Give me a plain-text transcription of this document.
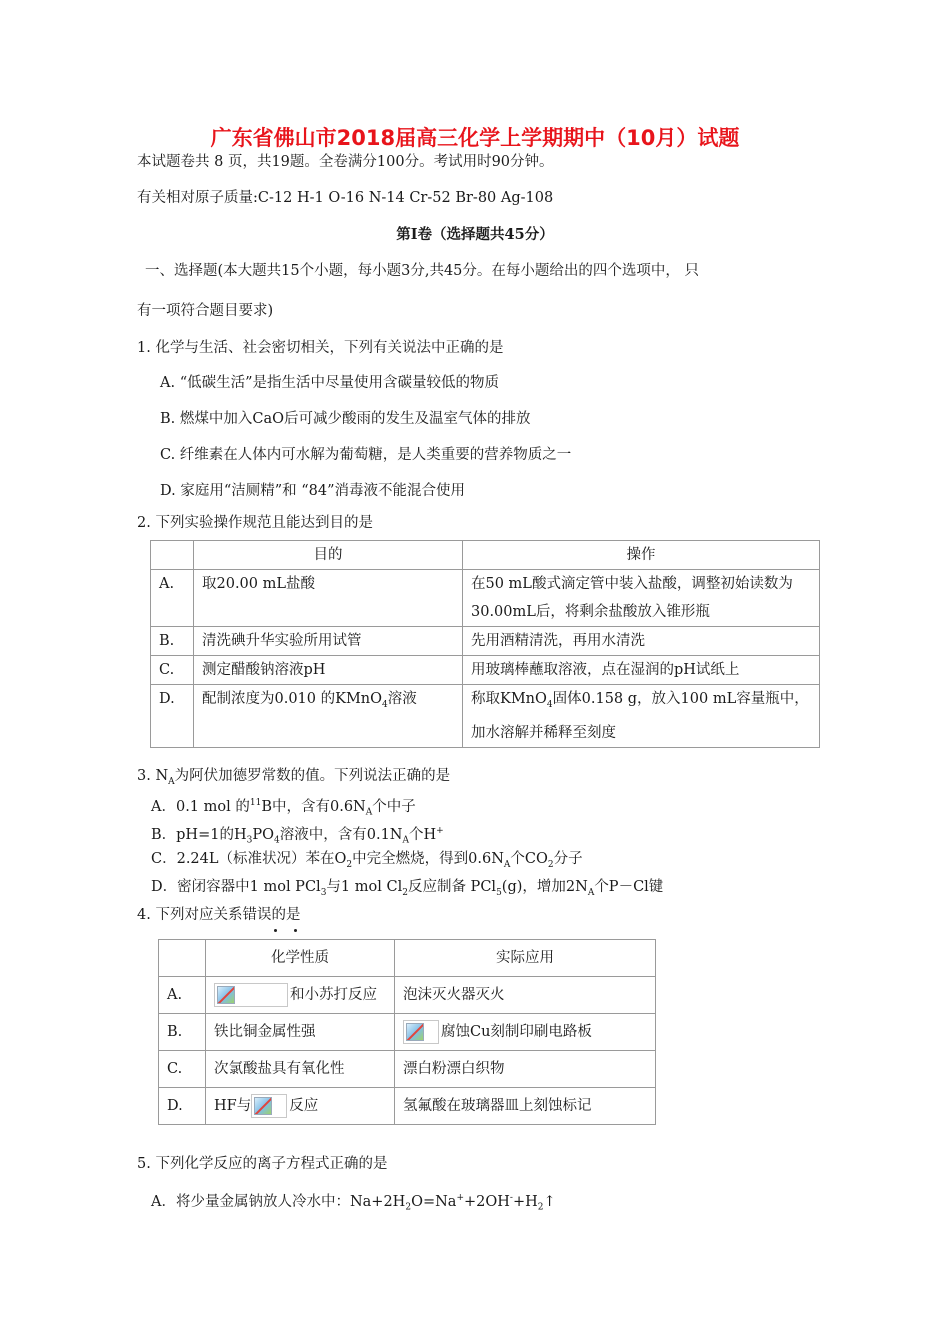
广东省佛山市2018届高三化学上学期期中（10月）试题
本试题卷共 8 页，共19题。全卷满分100分。考试用时90分钟。
有关相对原子质量:C-12 H-1 O-16 N-14 Cr-52 Br-80 Ag-108
第Ⅰ卷（选择题共45分）
一、选择题(本大题共15个小题，每小题3分,共45分。在每小题给出的四个选项中， 只
有一项符合题目要求)
1. 化学与生活、社会密切相关，下列有关说法中正确的是
A. “低碳生活”是指生活中尽量使用含碳量较低的物质
B. 燃煤中加入CaO后可减少酸雨的发生及温室气体的排放
C. 纤维素在人体内可水解为葡萄糖，是人类重要的营养物质之一
D. 家庭用“洁厕精”和 “84”消毒液不能混合使用
2. 下列实验操作规范且能达到目的是
	目的	操作
A.	取20.00 mL盐酸	在50 mL酸式滴定管中装入盐酸，调整初始读数为30.00mL后，将剩余盐酸放入锥形瓶
B.	清洗碘升华实验所用试管	先用酒精清洗，再用水清洗
C.	测定醋酸钠溶液pH	用玻璃棒蘸取溶液，点在湿润的pH试纸上
D.	配制浓度为0.010 的KMnO$_4$溶液	称取KMnO$_4$固体0.158 g，放入100 mL容量瓶中，加水溶解并稀释至刻度
3. $N_A$为阿伏加德罗常数的值。下列说法正确的是
A．0.1 mol 的$^{11}$B中，含有$0.6N_A$个中子
B．pH=1的$H_3PO_4$溶液中，含有$0.1N_A$个H+
C．2.24L（标准状况）苯在$O_2$中完全燃烧，得到$0.6N_A$个$CO_2$分子
D．密闭容器中1 mol PCl$_3$与1 mol $Cl_2$反应制备 PCl$_5$(g)，增加$2N_A$个P－Cl键
4. 下列对应关系错误的是
	化学性质	实际应用
A.	和小苏打反应	泡沫灭火器灭火
B.	铁比铜金属性强	腐蚀Cu刻制印刷电路板
C.	次氯酸盐具有氧化性	漂白粉漂白织物
D.	HF与 反应	氢氟酸在玻璃器皿上刻蚀标记
5. 下列化学反应的离子方程式正确的是
A．将少量金属钠放人冷水中：$Na+2H_2O=Na^++2OH^-+H_2↑$
